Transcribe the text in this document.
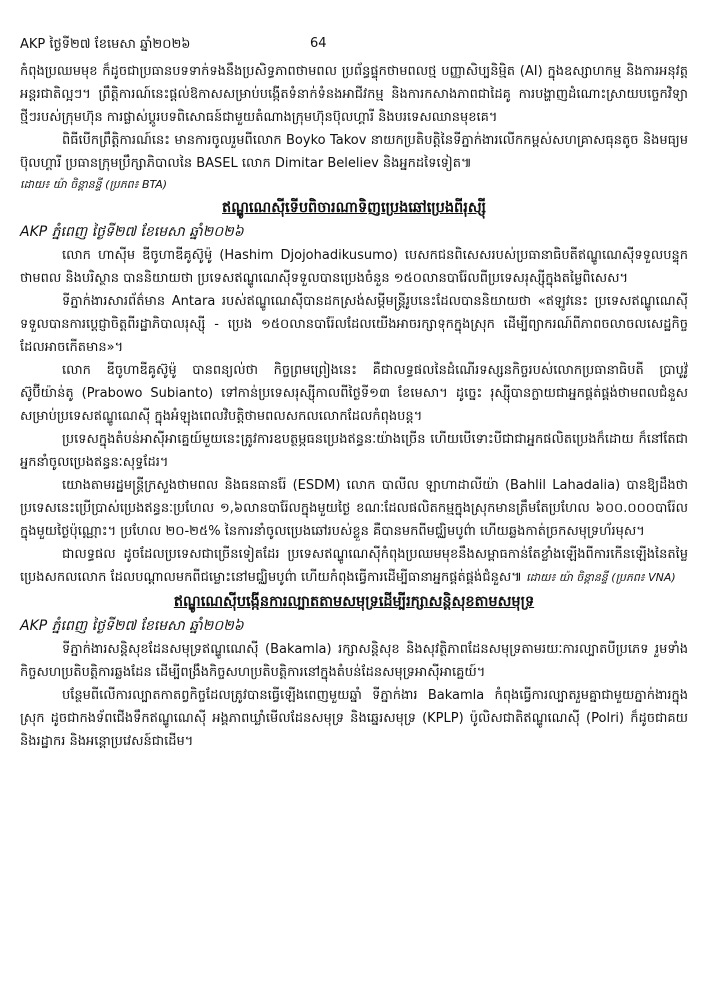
AKP ថ្ងៃទី២៧ ខែមេសា ឆ្នាំ២០២៦	64

កំពុងប្រឈមមុខ ក៏ដូចជាប្រធានបទទាក់ទងនឹងប្រសិទ្ធភាពថាមពល ប្រព័ន្ធផ្ទុកថាមពលថ្ម បញ្ញាសិប្បនិម្មិត (AI) ក្នុងឧស្សាហកម្ម និងការអនុវត្តអន្តរជាតិល្អៗ។ ព្រឹត្តិការណ៍នេះផ្ដល់ឱកាសសម្រាប់បង្កើតទំនាក់ទំនងអាជីវកម្ម និងការកសាងភាពជាដៃគូ ការបង្ហាញដំណោះស្រាយបច្ចេកវិទ្យាថ្មីៗរបស់ក្រុមហ៊ុន ការផ្លាស់ប្ដូរបទពិសោធន៍ជាមួយតំណាងក្រុមហ៊ុនប៊ុលហ្គារី និងបរទេសឈានមុខគេ។

ពិធីបើកព្រឹត្តិការណ៍នេះ មានការចូលរួមពីលោក Boyko Takov នាយកប្រតិបត្តិនៃទីភ្នាក់ងារលើកកម្ពស់សហគ្រាសធុនតូច និងមធ្យមប៊ុលហ្គារី ប្រធានក្រុមប្រឹក្សាភិបាលនៃ BASEL លោក Dimitar Beleliev និងអ្នកដទៃទៀត៕

ដោយ៖ យ៉ា ចិន្ដានន្ទី (ប្រភព៖ BTA)

ឥណ្ឌូណេស៊ីទើបពិចារណាទិញប្រេងឆៅប្រេងពីរុស្ស៊ី

AKP ភ្នំពេញ ថ្ងៃទី២៧ ខែមេសា ឆ្នាំ២០២៦

លោក ហាស៊ីម ឌីចូហាឌីគូស៊ូម៉ូ (Hashim Djojohadikusumo) បេសកជនពិសេសរបស់ប្រធានាធិបតីឥណ្ឌូណេស៊ីទទួលបន្ទុកថាមពល និងបរិស្ថាន បាននិយាយថា ប្រទេសឥណ្ឌូណេស៊ីទទួលបានប្រេងចំនួន ១៥០លានបារ៉ែលពីប្រទេសរុស្ស៊ីក្នុងតម្លៃពិសេស។

ទីភ្នាក់ងារសារព័ត៌មាន Antara របស់ឥណ្ឌូណេស៊ីបានដកស្រង់សម្ដីមន្ត្រីរូបនេះដែលបាននិយាយថា «ឥឡូវនេះ ប្រទេសឥណ្ឌូណេស៊ីទទួលបានការប្ដេជ្ញាចិត្តពីរដ្ឋាភិបាលរុស្ស៊ី - ប្រេង ១៥០លានបារ៉ែលដែលយើងអាចរក្សាទុកក្នុងស្រុក ដើម្បីព្យាករណ៍ពីភាពចលាចលសេដ្ឋកិច្ចដែលអាចកើតមាន»។

លោក ឌីចូហាឌីគូស៊ូម៉ូ បានពន្យល់ថា កិច្ចព្រមព្រៀងនេះ គឺជាលទ្ធផលនៃដំណើរទស្សនកិច្ចរបស់លោកប្រធានាធិបតី ប្រាបូវ៉ូ ស៊ូប៊ីយ៉ាន់តូ (Prabowo Subianto) ទៅកាន់ប្រទេសរុស្ស៊ីកាលពីថ្ងៃទី១៣ ខែមេសា។ ដូច្នេះ រុស្ស៊ីបានក្លាយជាអ្នកផ្គត់ផ្គង់ថាមពលជំនួសសម្រាប់ប្រទេសឥណ្ឌូណេស៊ី ក្នុងអំឡុងពេលវិបត្តិថាមពលសកលលោកដែលកំពុងបន្ត។

ប្រទេសក្នុងតំបន់អាស៊ីអាគ្នេយ៍មួយនេះត្រូវការឧបត្ថម្ភធនប្រេងឥន្ធនៈយ៉ាងច្រើន ហើយបើទោះបីជាជាអ្នកផលិតប្រេងក៏ដោយ ក៏នៅតែជាអ្នកនាំចូលប្រេងឥន្ធនៈសុទ្ធដែរ។

យោងតាមរដ្ឋមន្ត្រីក្រសួងថាមពល និងធនធានរ៉ែ (ESDM) លោក បាលីល ឡាហាដាលីយ៉ា (Bahlil Lahadalia) បានឱ្យដឹងថា ប្រទេសនេះប្រើប្រាស់ប្រេងឥន្ធនៈប្រហែល ១,៦លានបារ៉ែលក្នុងមួយថ្ងៃ ខណៈដែលផលិតកម្មក្នុងស្រុកមានត្រឹមតែប្រហែល ៦០០.០០០បារ៉ែលក្នុងមួយថ្ងៃប៉ុណ្ណោះ។ ប្រហែល ២០-២៥% នៃការនាំចូលប្រេងឆៅរបស់ខ្លួន គឺបានមកពីមជ្ឈិមបូព៌ា ហើយឆ្លងកាត់ច្រកសមុទ្រហ័រមុស។

ជាលទ្ធផល ដូចដែលប្រទេសជាច្រើនទៀតដែរ ប្រទេសឥណ្ឌូណេស៊ីកំពុងប្រឈមមុខនឹងសម្ពាធកាន់តែខ្លាំងឡើងពីការកើនឡើងនៃតម្លៃប្រេងសកលលោក ដែលបណ្ដាលមកពីជម្លោះនៅមជ្ឈិមបូព៌ា ហើយកំពុងធ្វើការដើម្បីធានាអ្នកផ្គត់ផ្គង់ជំនួស៕ ដោយ៖ យ៉ា ចិន្ដានន្ទី (ប្រភព៖ VNA)

ឥណ្ឌូណេស៊ីបង្កើនការល្បាតតាមសមុទ្រដើម្បីរក្សាសន្តិសុខតាមសមុទ្រ

AKP ភ្នំពេញ ថ្ងៃទី២៧ ខែមេសា ឆ្នាំ២០២៦

ទីភ្នាក់ងារសន្តិសុខដែនសមុទ្រឥណ្ឌូណេស៊ី (Bakamla) រក្សាសន្តិសុខ និងសុវត្ថិភាពដែនសមុទ្រតាមរយៈការល្បាតបីប្រភេទ រួមទាំងកិច្ចសហប្រតិបត្តិការឆ្លងដែន ដើម្បីពង្រឹងកិច្ចសហប្រតិបត្តិការនៅក្នុងតំបន់ដែនសមុទ្រអាស៊ីអាគ្នេយ៍។

បន្ថែមពីលើការល្បាតកាតព្វកិច្ចដែលត្រូវបានធ្វើឡើងពេញមួយឆ្នាំ ទីភ្នាក់ងារ Bakamla កំពុងធ្វើការល្បាតរួមគ្នាជាមួយភ្នាក់ងារក្នុងស្រុក ដូចជាកងទ័ពជើងទឹកឥណ្ឌូណេស៊ី អង្គភាពឃ្លាំមើលដែនសមុទ្រ និងឆ្នេរសមុទ្រ (KPLP) ប៉ូលិសជាតិឥណ្ឌូណេស៊ី (Polri) ក៏ដូចជាគយ និងរដ្ឋាករ និងអន្តោប្រវេសន៍ជាដើម។
